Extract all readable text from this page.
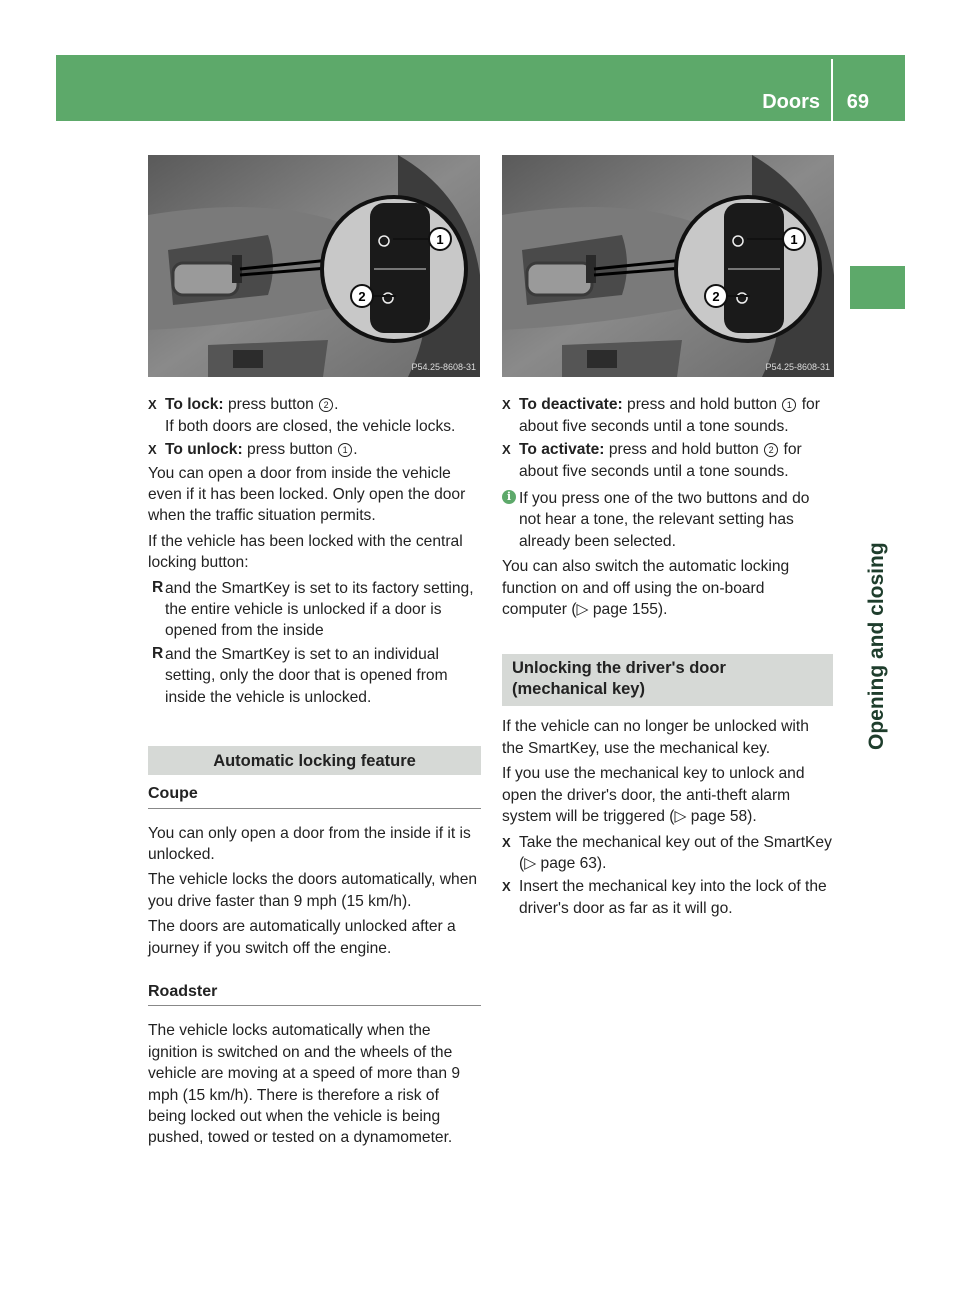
Doors 69
Opening and closing
1
2
P54.25-8608-31
X To lock: press button 2 .
If both doors are closed, the vehicle locks.
X To unlock: press button 1 .

You can open a door from inside the vehicle even if it has been locked. Only open the door when the traffic situation permits.

If the vehicle has been locked with the central locking button:

R and the SmartKey is set to its factory setting, the entire vehicle is unlocked if a door is opened from the inside
R and the SmartKey is set to an individual setting, only the door that is opened from inside the vehicle is unlocked.
Automatic locking feature
Coupe

You can only open a door from the inside if it is unlocked.

The vehicle locks the doors automatically, when you drive faster than 9 mph (15 km/h).

The doors are automatically unlocked after a journey if you switch off the engine.

Roadster

The vehicle locks automatically when the ignition is switched on and the wheels of the vehicle are moving at a speed of more than 9 mph (15 km/h). There is therefore a risk of being locked out when the vehicle is being pushed, towed or tested on a dynamometer.

1
2
P54.25-8608-31
X To deactivate: press and hold button 1 for about five seconds until a tone sounds.
X To activate: press and hold button 2 for about five seconds until a tone sounds.
i If you press one of the two buttons and do not hear a tone, the relevant setting has already been selected.

You can also switch the automatic locking function on and off using the on-board computer (▷ page 155).

Unlocking the driver's door
(mechanical key)

If the vehicle can no longer be unlocked with the SmartKey, use the mechanical key.

If you use the mechanical key to unlock and open the driver's door, the anti-theft alarm system will be triggered (▷ page 58).

X Take the mechanical key out of the SmartKey (▷ page 63).
X Insert the mechanical key into the lock of the driver's door as far as it will go.
